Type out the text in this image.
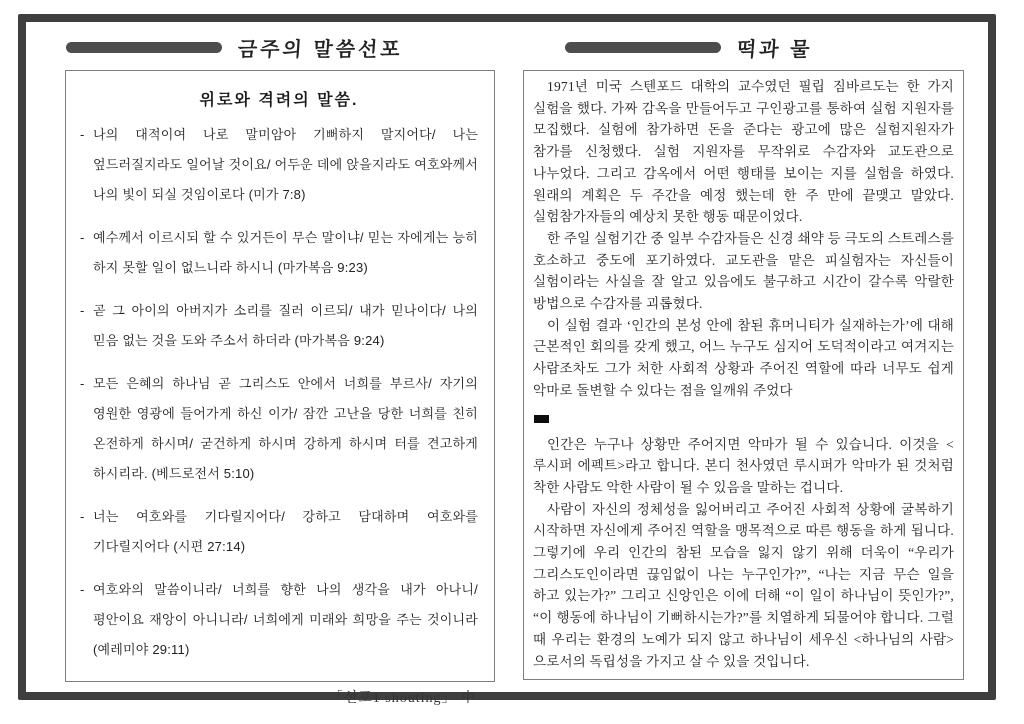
금주의 말씀선포
위로와 격려의 말씀.
- 나의 대적이여 나로 말미암아 기뻐하지 말지어다/ 나는 엎드러질지라도 일어날 것이요/ 어두운 데에 앉을지라도 여호와께서 나의 빛이 되실 것임이로다 (미가 7:8)
- 예수께서 이르시되 할 수 있거든이 무슨 말이냐/ 믿는 자에게는 능히 하지 못할 일이 없느니라 하시니 (마가복음 9:23)
- 곧 그 아이의 아버지가 소리를 질러 이르되/ 내가 믿나이다/ 나의 믿음 없는 것을 도와 주소서 하더라 (마가복음 9:24)
- 모든 은혜의 하나님 곧 그리스도 안에서 너희를 부르사/ 자기의 영원한 영광에 들어가게 하신 이가/ 잠깐 고난을 당한 너희를 친히 온전하게 하시며/ 굳건하게 하시며 강하게 하시며 터를 견고하게 하시리라. (베드로전서 5:10)
- 너는 여호와를 기다릴지어다/ 강하고 담대하며 여호와를 기다릴지어다 (시편 27:14)
- 여호와의 말씀이니라/ 너희를 향한 나의 생각을 내가 아나니/ 평안이요 재앙이 아니니라/ 너희에게 미래와 희망을 주는 것이니라 (예레미야 29:11)
「선포1 shouting」 中
떡과 물

1971년 미국 스텐포드 대학의 교수였던 필립 짐바르도는 한 가지 실험을 했다. 가짜 감옥을 만들어두고 구인광고를 통하여 실험 지원자를 모집했다. 실험에 참가하면 돈을 준다는 광고에 많은 실험지원자가 참가를 신청했다. 실험 지원자를 무작위로 수감자와 교도관으로 나누었다. 그리고 감옥에서 어떤 행태를 보이는 지를 실험을 하였다. 원래의 계획은 두 주간을 예정 했는데 한 주 만에 끝맺고 말았다. 실험참가자들의 예상치 못한 행동 때문이었다.

한 주일 실험기간 중 일부 수감자들은 신경 쇄약 등 극도의 스트레스를 호소하고 중도에 포기하였다. 교도관을 맡은 피실험자는 자신들이 실험이라는 사실을 잘 알고 있음에도 불구하고 시간이 갈수록 악랄한 방법으로 수감자를 괴롭혔다.

이 실험 결과 ‘인간의 본성 안에 참된 휴머니티가 실재하는가’에 대해 근본적인 회의를 갖게 했고, 어느 누구도 심지어 도덕적이라고 여겨지는 사람조차도 그가 처한 사회적 상황과 주어진 역할에 따라 너무도 쉽게 악마로 돌변할 수 있다는 점을 일깨워 주었다

인간은 누구나 상황만 주어지면 악마가 될 수 있습니다. 이것을 <루시퍼 에펙트>라고 합니다. 본디 천사였던 루시퍼가 악마가 된 것처럼 착한 사람도 악한 사람이 될 수 있음을 말하는 겁니다.

사람이 자신의 정체성을 잃어버리고 주어진 사회적 상황에 굴복하기 시작하면 자신에게 주어진 역할을 맹목적으로 따른 행동을 하게 됩니다. 그렇기에 우리 인간의 참된 모습을 잃지 않기 위해 더욱이 “우리가 그리스도인이라면 끊임없이 나는 누구인가?”, “나는 지금 무슨 일을 하고 있는가?” 그리고 신앙인은 이에 더해 “이 일이 하나님이 뜻인가?”, “이 행동에 하나님이 기뻐하시는가?”를 치열하게 되물어야 합니다. 그럴 때 우리는 환경의 노예가 되지 않고 하나님이 세우신 <하나님의 사람>으로서의 독립성을 가지고 살 수 있을 것입니다.
